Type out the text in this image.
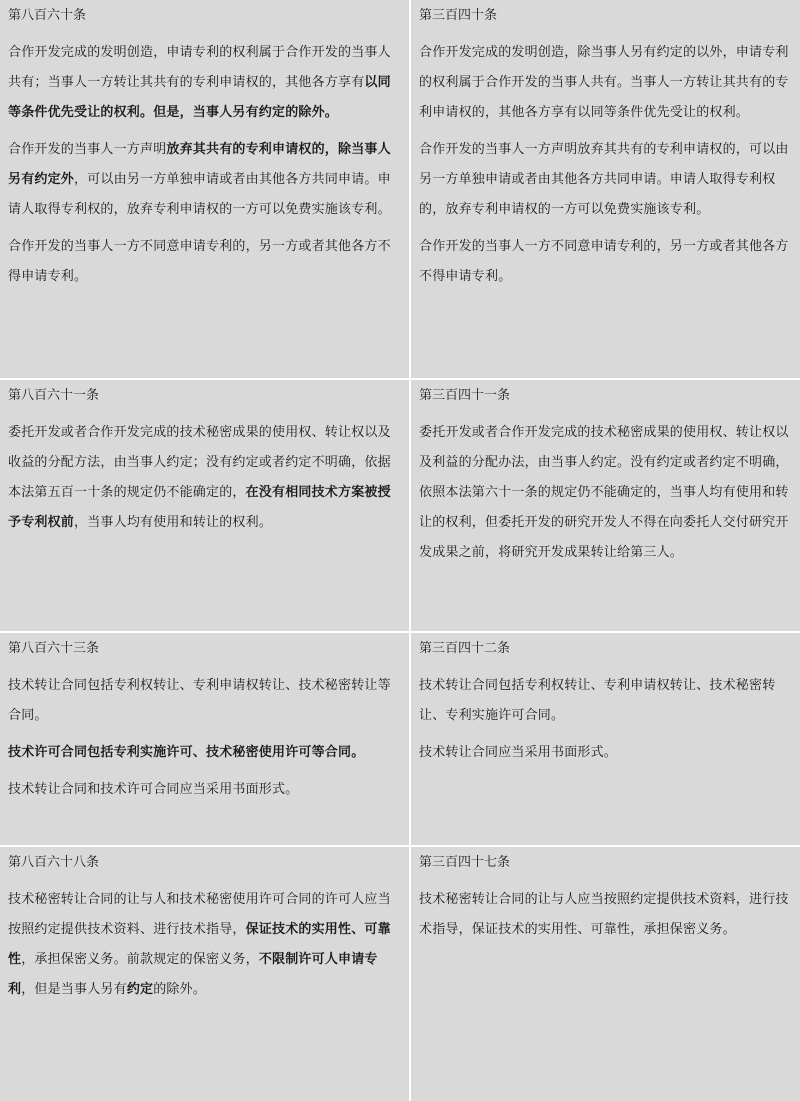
第八百六十条

合作开发完成的发明创造，申请专利的权利属于合作开发的当事人共有；当事人一方转让其共有的专利申请权的，其他各方享有以同等条件优先受让的权利。但是，当事人另有约定的除外。

合作开发的当事人一方声明放弃其共有的专利申请权的，除当事人另有约定外，可以由另一方单独申请或者由其他各方共同申请。申请人取得专利权的，放弃专利申请权的一方可以免费实施该专利。

合作开发的当事人一方不同意申请专利的，另一方或者其他各方不得申请专利。

第三百四十条

合作开发完成的发明创造，除当事人另有约定的以外，申请专利的权利属于合作开发的当事人共有。当事人一方转让其共有的专利申请权的，其他各方享有以同等条件优先受让的权利。

合作开发的当事人一方声明放弃其共有的专利申请权的，可以由另一方单独申请或者由其他各方共同申请。申请人取得专利权的，放弃专利申请权的一方可以免费实施该专利。

合作开发的当事人一方不同意申请专利的，另一方或者其他各方不得申请专利。

第八百六十一条

委托开发或者合作开发完成的技术秘密成果的使用权、转让权以及收益的分配方法，由当事人约定；没有约定或者约定不明确，依据本法第五百一十条的规定仍不能确定的，在没有相同技术方案被授予专利权前，当事人均有使用和转让的权利。

第三百四十一条

委托开发或者合作开发完成的技术秘密成果的使用权、转让权以及利益的分配办法，由当事人约定。没有约定或者约定不明确，依照本法第六十一条的规定仍不能确定的，当事人均有使用和转让的权利，但委托开发的研究开发人不得在向委托人交付研究开发成果之前，将研究开发成果转让给第三人。

第八百六十三条

技术转让合同包括专利权转让、专利申请权转让、技术秘密转让等合同。

技术许可合同包括专利实施许可、技术秘密使用许可等合同。

技术转让合同和技术许可合同应当采用书面形式。

第三百四十二条

技术转让合同包括专利权转让、专利申请权转让、技术秘密转让、专利实施许可合同。

技术转让合同应当采用书面形式。

第八百六十八条

技术秘密转让合同的让与人和技术秘密使用许可合同的许可人应当按照约定提供技术资料、进行技术指导，保证技术的实用性、可靠性，承担保密义务。前款规定的保密义务，不限制许可人申请专利，但是当事人另有约定的除外。

第三百四十七条

技术秘密转让合同的让与人应当按照约定提供技术资料，进行技术指导，保证技术的实用性、可靠性，承担保密义务。
